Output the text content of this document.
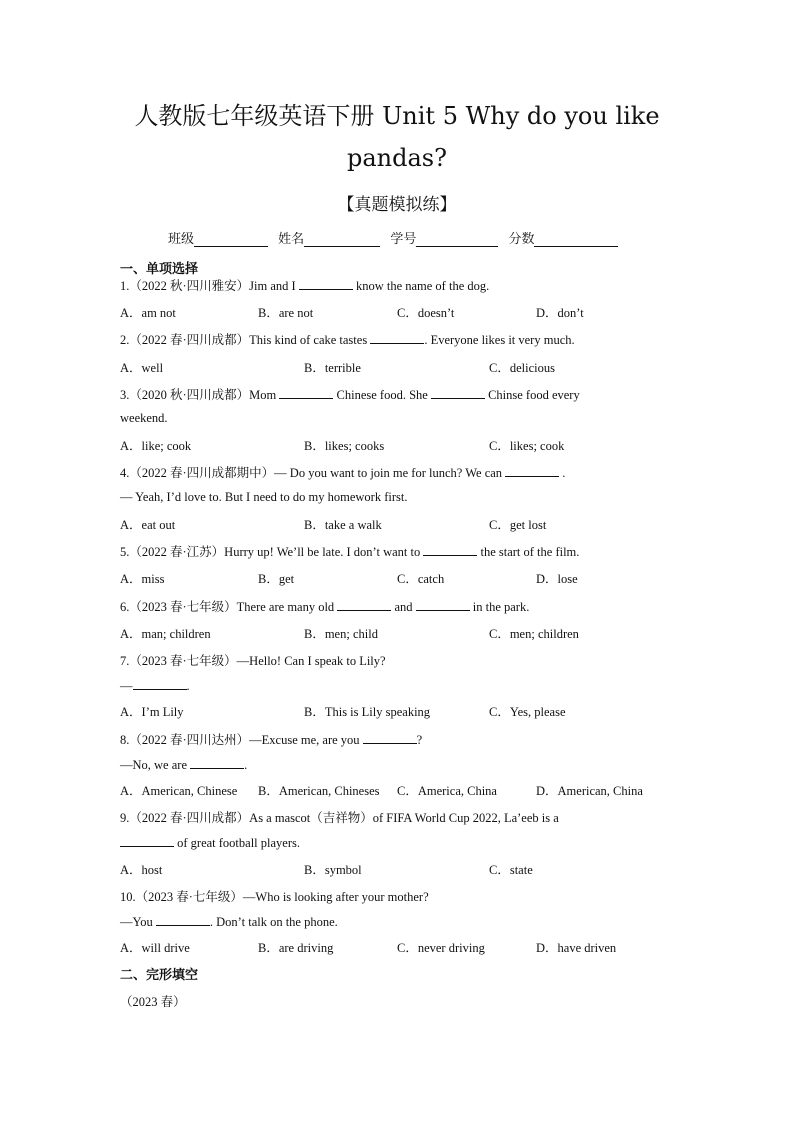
人教版七年级英语下册 Unit 5 Why do you like
pandas?
【真题模拟练】
班级	姓名	学号	分数
一、单项选择
1.（2022 秋·四川雅安）Jim and I	know the name of the dog.
A．am not	B．are not	C．doesn’t	D．don’t
2.（2022 春·四川成都）This kind of cake tastes	. Everyone likes it very much.
A．well	B．terrible	C．delicious
3.（2020 秋·四川成都）Mom	Chinese food. She	Chinse food every
weekend.
A．like; cook	B．likes; cooks	C．likes; cook
4.（2022 春·四川成都期中）— Do you want to join me for lunch? We can	.
— Yeah, I’d love to. But I need to do my homework first.
A．eat out	B．take a walk	C．get lost
5.（2022 春·江苏）Hurry up! We’ll be late. I don’t want to	the start of the film.
A．miss	B．get	C．catch	D．lose
6.（2023 春·七年级）There are many old	and	in the park.
A．man; children	B．men; child	C．men; children
7.（2023 春·七年级）—Hello! Can I speak to Lily?
—	.
A．I’m Lily	B．This is Lily speaking	C．Yes, please
8.（2022 春·四川达州）—Excuse me, are you	?
—No, we are	.
A．American, Chinese B．American, Chineses C．America, China	D．American, China
9.（2022 春·四川成都）As a mascot（吉祥物）of FIFA World Cup 2022, La’eeb is a
of great football players.
A．host	B．symbol	C．state
10.（2023 春·七年级）—Who is looking after your mother?
—You	. Don’t talk on the phone.
A．will drive	B．are driving	C．never driving	D．have driven
二、完形填空
（2023 春）
